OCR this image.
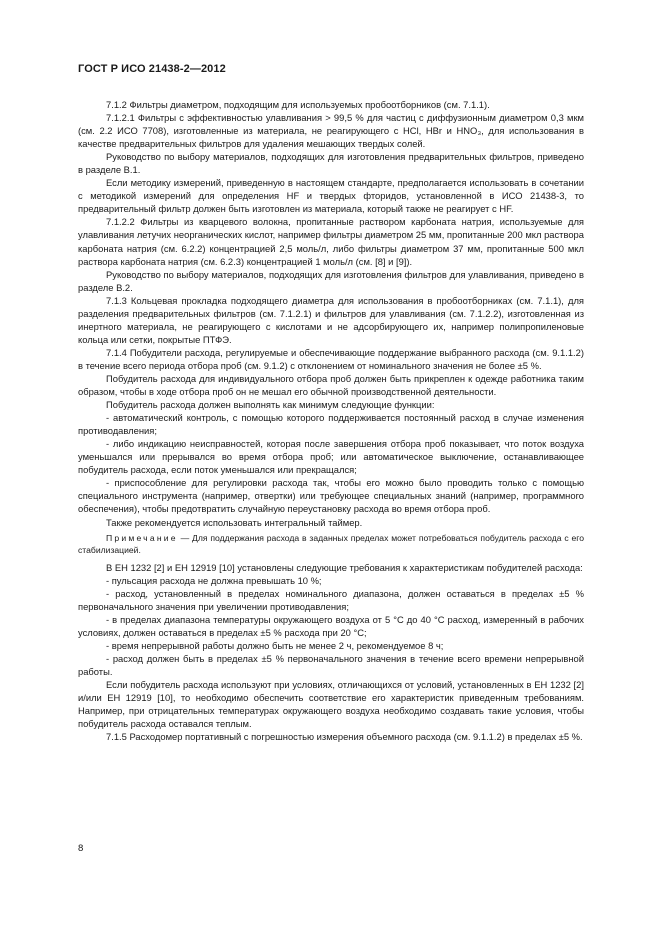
ГОСТ Р ИСО 21438-2—2012

7.1.2 Фильтры диаметром, подходящим для используемых пробоотборников (см. 7.1.1).

7.1.2.1 Фильтры с эффективностью улавливания > 99,5 % для частиц с диффузионным диаметром 0,3 мкм (см. 2.2 ИСО 7708), изготовленные из материала, не реагирующего с HCl, HBr и HNO₃, для использования в качестве предварительных фильтров для удаления мешающих твердых солей.

Руководство по выбору материалов, подходящих для изготовления предварительных фильтров, приведено в разделе В.1.

Если методику измерений, приведенную в настоящем стандарте, предполагается использовать в сочетании с методикой измерений для определения HF и твердых фторидов, установленной в ИСО 21438-3, то предварительный фильтр должен быть изготовлен из материала, который также не реагирует с HF.

7.1.2.2 Фильтры из кварцевого волокна, пропитанные раствором карбоната натрия, используемые для улавливания летучих неорганических кислот, например фильтры диаметром 25 мм, пропитанные 200 мкл раствора карбоната натрия (см. 6.2.2) концентрацией 2,5 моль/л, либо фильтры диаметром 37 мм, пропитанные 500 мкл раствора карбоната натрия (см. 6.2.3) концентрацией 1 моль/л (см. [8] и [9]).

Руководство по выбору материалов, подходящих для изготовления фильтров для улавливания, приведено в разделе В.2.

7.1.3 Кольцевая прокладка подходящего диаметра для использования в пробоотборниках (см. 7.1.1), для разделения предварительных фильтров (см. 7.1.2.1) и фильтров для улавливания (см. 7.1.2.2), изготовленная из инертного материала, не реагирующего с кислотами и не адсорбирующего их, например полипропиленовые кольца или сетки, покрытые ПТФЭ.

7.1.4 Побудители расхода, регулируемые и обеспечивающие поддержание выбранного расхода (см. 9.1.1.2) в течение всего периода отбора проб (см. 9.1.2) с отклонением от номинального значения не более ±5 %.

Побудитель расхода для индивидуального отбора проб должен быть прикреплен к одежде работника таким образом, чтобы в ходе отбора проб он не мешал его обычной производственной деятельности.

Побудитель расхода должен выполнять как минимум следующие функции:

- автоматический контроль, с помощью которого поддерживается постоянный расход в случае изменения противодавления;

- либо индикацию неисправностей, которая после завершения отбора проб показывает, что поток воздуха уменьшался или прерывался во время отбора проб; или автоматическое выключение, останавливающее побудитель расхода, если поток уменьшался или прекращался;

- приспособление для регулировки расхода так, чтобы его можно было проводить только с помощью специального инструмента (например, отвертки) или требующее специальных знаний (например, программного обеспечения), чтобы предотвратить случайную переустановку расхода во время отбора проб.

Также рекомендуется использовать интегральный таймер.

Примечание — Для поддержания расхода в заданных пределах может потребоваться побудитель расхода с его стабилизацией.

В ЕН 1232 [2] и ЕН 12919 [10] установлены следующие требования к характеристикам побудителей расхода:

- пульсация расхода не должна превышать 10 %;

- расход, установленный в пределах номинального диапазона, должен оставаться в пределах ±5 % первоначального значения при увеличении противодавления;

- в пределах диапазона температуры окружающего воздуха от 5 °С до 40 °С расход, измеренный в рабочих условиях, должен оставаться в пределах ±5 % расхода при 20 °С;

- время непрерывной работы должно быть не менее 2 ч, рекомендуемое 8 ч;

- расход должен быть в пределах ±5 % первоначального значения в течение всего времени непрерывной работы.

Если побудитель расхода используют при условиях, отличающихся от условий, установленных в ЕН 1232 [2] и/или ЕН 12919 [10], то необходимо обеспечить соответствие его характеристик приведенным требованиям. Например, при отрицательных температурах окружающего воздуха необходимо создавать такие условия, чтобы побудитель расхода оставался теплым.

7.1.5 Расходомер портативный с погрешностью измерения объемного расхода (см. 9.1.1.2) в пределах ±5 %.

8
